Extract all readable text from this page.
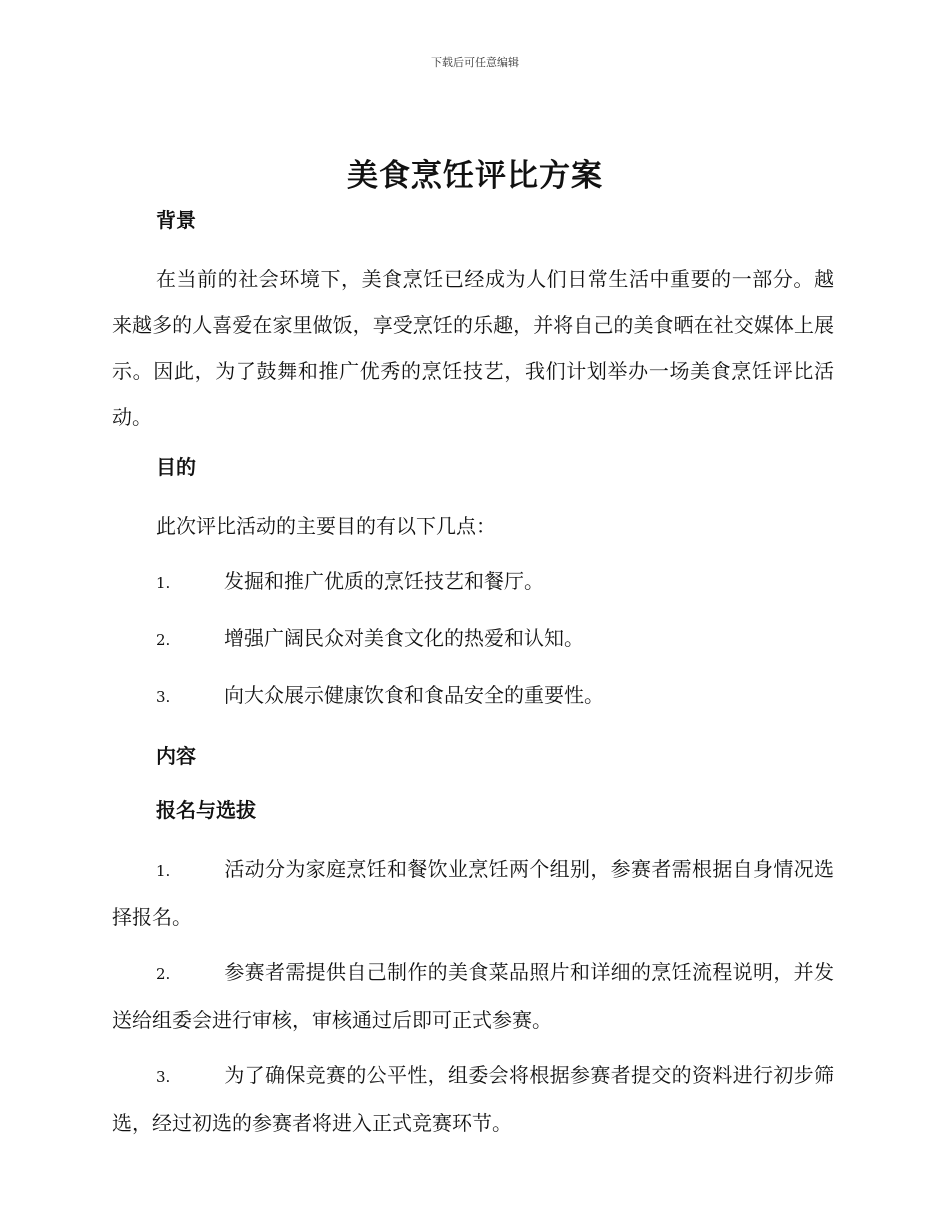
下载后可任意编辑
美食烹饪评比方案
背景

在当前的社会环境下，美食烹饪已经成为人们日常生活中重要的一部分。越来越多的人喜爱在家里做饭，享受烹饪的乐趣，并将自己的美食晒在社交媒体上展示。因此，为了鼓舞和推广优秀的烹饪技艺，我们计划举办一场美食烹饪评比活动。

目的

此次评比活动的主要目的有以下几点：

1.	发掘和推广优质的烹饪技艺和餐厅。

2.	增强广阔民众对美食文化的热爱和认知。

3.	向大众展示健康饮食和食品安全的重要性。

内容
报名与选拔

1.	活动分为家庭烹饪和餐饮业烹饪两个组别，参赛者需根据自身情况选择报名。

2.	参赛者需提供自己制作的美食菜品照片和详细的烹饪流程说明，并发送给组委会进行审核，审核通过后即可正式参赛。

3.	为了确保竞赛的公平性，组委会将根据参赛者提交的资料进行初步筛选，经过初选的参赛者将进入正式竞赛环节。
